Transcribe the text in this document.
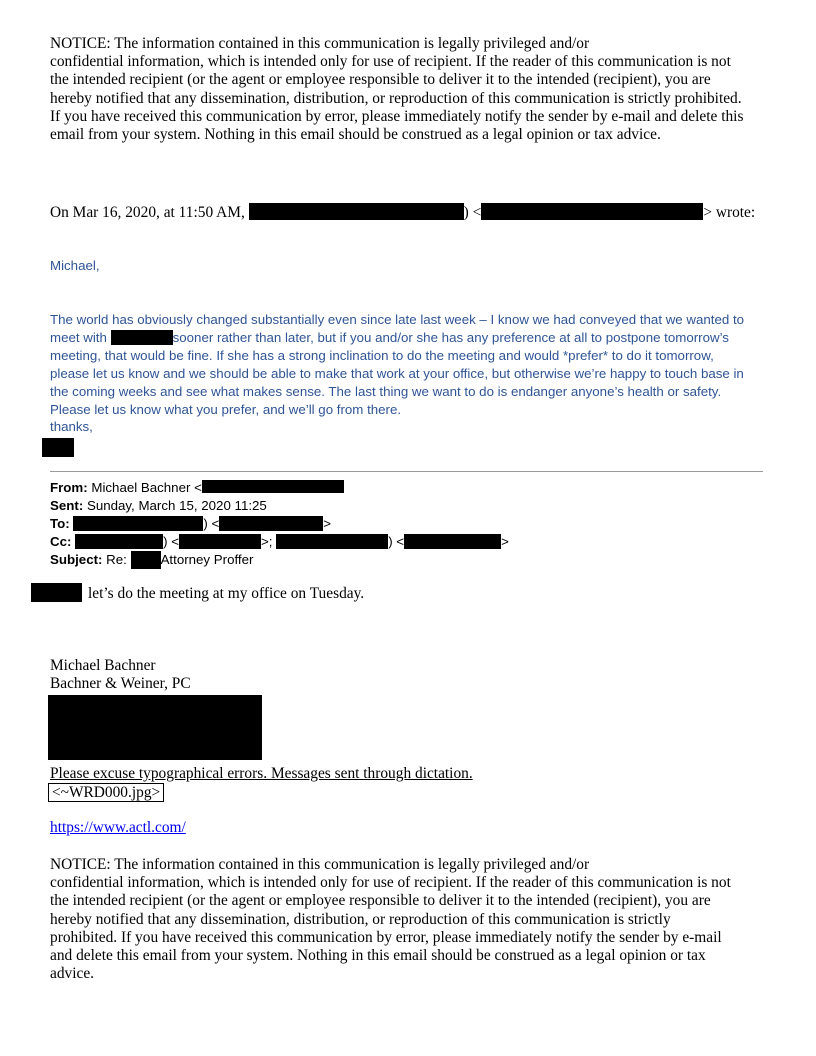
NOTICE: The information contained in this communication is legally privileged and/or
confidential information, which is intended only for use of recipient. If the reader of this communication is not
the intended recipient (or the agent or employee responsible to deliver it to the intended (recipient), you are
hereby notified that any dissemination, distribution, or reproduction of this communication is strictly prohibited.
If you have received this communication by error, please immediately notify the sender by e-mail and delete this
email from your system. Nothing in this email should be construed as a legal opinion or tax advice.
On Mar 16, 2020, at 11:50 AM,	) <	> wrote:
Michael,

The world has obviously changed substantially even since late last week – I know we had conveyed that we wanted to
meet with	sooner rather than later, but if you and/or she has any preference at all to postpone tomorrow’s
meeting, that would be fine. If she has a strong inclination to do the meeting and would *prefer* to do it tomorrow,
please let us know and we should be able to make that work at your office, but otherwise we’re happy to touch base in
the coming weeks and see what makes sense. The last thing we want to do is endanger anyone’s health or safety.
Please let us know what you prefer, and we’ll go from there.

thanks,
From: Michael Bachner <
Sent: Sunday, March 15, 2020 11:25
To:	) <	>
Cc:	) <	>;	) <	>
Subject: Re: Attorney Proffer
let’s do the meeting at my office on Tuesday.
Michael Bachner
Bachner & Weiner, PC
Please excuse typographical errors. Messages sent through dictation.
<~WRD000.jpg>
https://www.actl.com/
NOTICE: The information contained in this communication is legally privileged and/or
confidential information, which is intended only for use of recipient. If the reader of this communication is not
the intended recipient (or the agent or employee responsible to deliver it to the intended (recipient), you are
hereby notified that any dissemination, distribution, or reproduction of this communication is strictly
prohibited. If you have received this communication by error, please immediately notify the sender by e-mail
and delete this email from your system. Nothing in this email should be construed as a legal opinion or tax
advice.
